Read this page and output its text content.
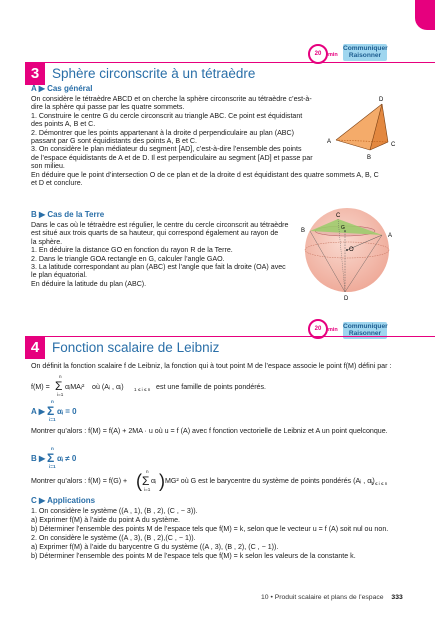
20	min
Communiquer
Raisonner
3 Sphère circonscrite à un tétraèdre
A ▶ Cas général
On considère le tétraèdre ABCD et on cherche la sphère circonscrite au tétraèdre c’est-à-
dire la sphère qui passe par les quatre sommets.
1. Construire le centre G du cercle circonscrit au triangle ABC. Ce point est équidistant
des points A, B et C.
2. Démontrer que les points appartenant à la droite d perpendiculaire au plan (ABC)
passant par G sont équidistants des points A, B et C.
3. On considère le plan médiateur du segment [AD], c’est-à-dire l’ensemble des points
de l’espace équidistants de A et de D. Il est perpendiculaire au segment [AD] et passe par
son milieu.
En déduire que le point d’intersection O de ce plan et de la droite d est équidistant des quatre sommets A, B, C
et D et conclure.
D
A
B
C
B ▶ Cas de la Terre
Dans le cas où le tétraèdre est régulier, le centre du cercle circonscrit au tétraèdre
est situé aux trois quarts de sa hauteur, qui correspond également au rayon de
la sphère.
1. En déduire la distance GO en fonction du rayon R de la Terre.
2. Dans le triangle GOA rectangle en G, calculer l’angle GAO.
3. La latitude correspondant au plan (ABC) est l’angle que fait la droite (OA) avec
le plan équatorial.
En déduire la latitude du plan (ABC).
C
B	G
A
O
D
20	min Communiquer
Raisonner
4 Fonction scalaire de Leibniz
On définit la fonction scalaire f de Leibniz, la fonction qui à tout point M de l’espace associe le point f(M) défini par :
f(M) =
n
Σ
i=1
αᵢMAᵢ² où (Aᵢ , αᵢ) 1 ≤ i ≤ n est une famille de points pondérés.
A ▶
n
Σ
i=1
αᵢ = 0
Montrer qu’alors : f(M) = f(A) + 2MA · u où u = f (A) avec f fonction vectorielle de Leibniz et A un point quelconque.
B ▶
n
Σ
i=1
αᵢ ≠ 0
Montrer qu’alors : f(M) = f(G) + ( n
Σ
i=1
αᵢ ) MG² où G est le barycentre du système de points pondérés (Aᵢ , αᵢ)
1 ≤ i ≤ n
C ▶ Applications
1. On considère le système ((A , 1), (B , 2), (C , − 3)).
a) Exprimer f(M) à l’aide du point A du système.
b) Déterminer l’ensemble des points M de l’espace tels que f(M) = k, selon que le vecteur u = f (A) soit nul ou non.
2. On considère le système ((A , 3), (B , 2),(C , − 1)).
a) Exprimer f(M) à l’aide du barycentre G du système ((A , 3), (B , 2), (C , − 1)).
b) Déterminer l’ensemble des points M de l’espace tels que f(M) = k selon les valeurs de la constante k.
10 • Produit scalaire et plans de l’espace 333
